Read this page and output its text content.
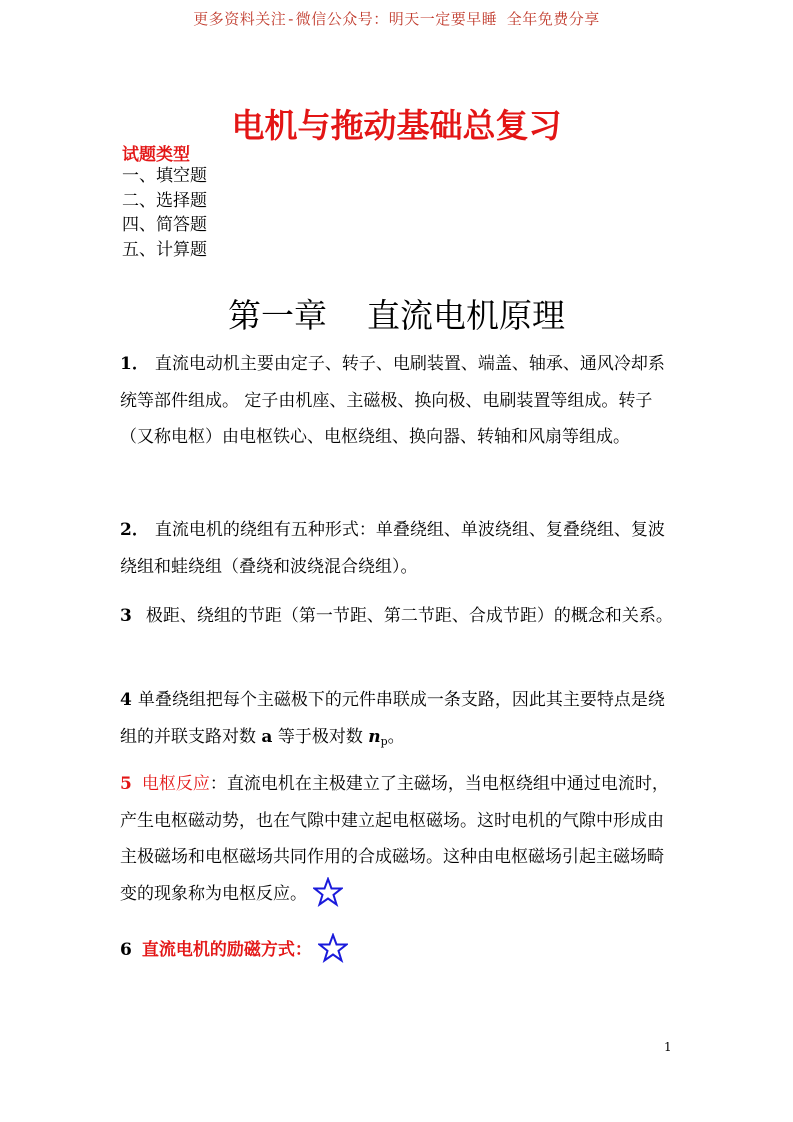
更多资料关注-微信公众号：明天一定要早睡 全年免费分享
电机与拖动基础总复习
试题类型
一、填空题
二、选择题
四、简答题
五、计算题
第一章 直流电机原理
1． 直流电动机主要由定子、转子、电刷装置、端盖、轴承、通风冷却系统等部件组成。 定子由机座、主磁极、换向极、电刷装置等组成。转子（又称电枢）由电枢铁心、电枢绕组、换向器、转轴和风扇等组成。
2． 直流电机的绕组有五种形式：单叠绕组、单波绕组、复叠绕组、复波绕组和蛙绕组（叠绕和波绕混合绕组）。
3 极距、绕组的节距（第一节距、第二节距、合成节距）的概念和关系。
4 单叠绕组把每个主磁极下的元件串联成一条支路，因此其主要特点是绕组的并联支路对数 a 等于极对数 $n_p$。
5 电枢反应：直流电机在主极建立了主磁场，当电枢绕组中通过电流时，产生电枢磁动势，也在气隙中建立起电枢磁场。这时电机的气隙中形成由主极磁场和电枢磁场共同作用的合成磁场。这种由电枢磁场引起主磁场畸变的现象称为电枢反应。
6 直流电机的励磁方式：
1
